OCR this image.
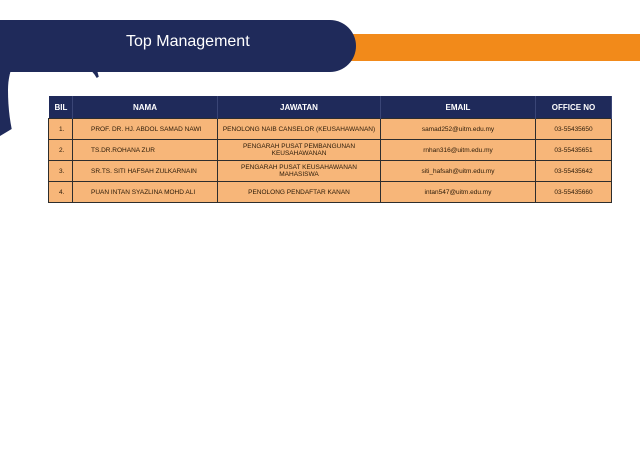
Top Management
BIL	NAMA	JAWATAN	EMAIL	OFFICE NO
1.	PROF. DR. HJ. ABDOL SAMAD NAWI	PENOLONG NAIB CANSELOR (KEUSAHAWANAN)	samad252@uitm.edu.my	03-55435650
2.	TS.DR.ROHANA ZUR	PENGARAH PUSAT PEMBANGUNAN KEUSAHAWANAN	rnhan316@uitm.edu.my	03-55435651
3.	SR.TS. SITI HAFSAH ZULKARNAIN	PENGARAH PUSAT KEUSAHAWANAN MAHASISWA	siti_hafsah@uitm.edu.my	03-55435642
4.	PUAN INTAN SYAZLINA MOHD ALI	PENOLONG PENDAFTAR KANAN	intan547@uitm.edu.my	03-55435660
